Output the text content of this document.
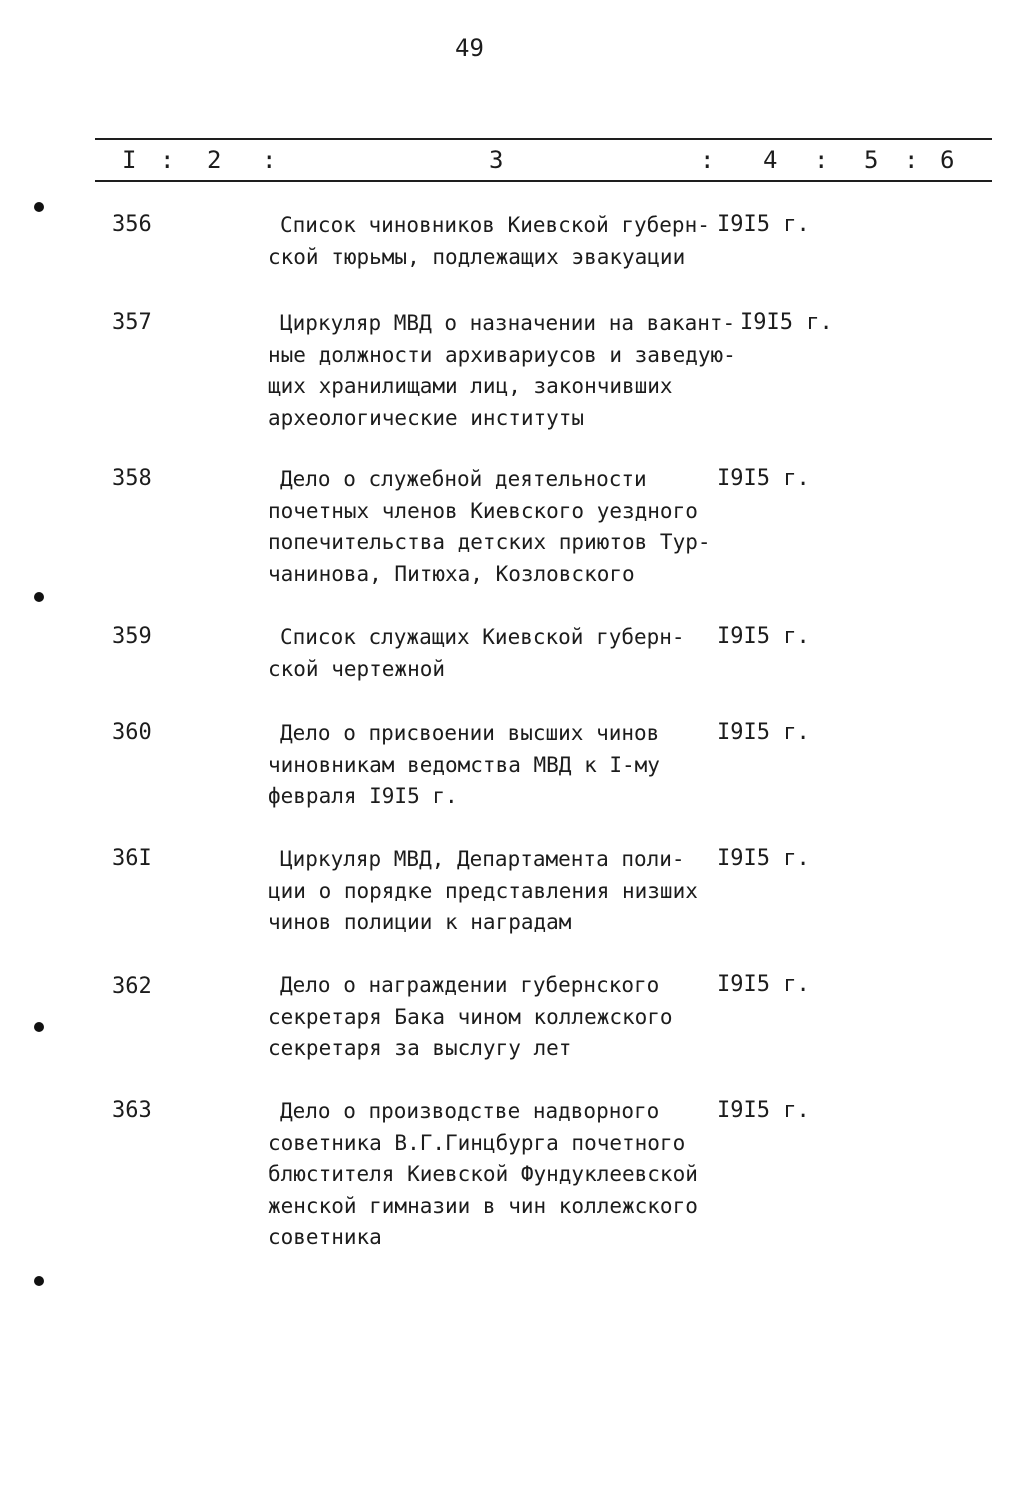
49
I : 2 :	3	: 4 : 5 : 6
356	Список чиновников Киевской губерн-
ской тюрьмы, подлежащих эвакуации
I9I5 г.
357	Циркуляр МВД о назначении на вакант-
ные должности архивариусов и заведую-
щих хранилищами лиц, закончивших
археологические институты
I9I5 г.
358	Дело о служебной деятельности
почетных членов Киевского уездного
попечительства детских приютов Тур-
чанинова, Питюха, Козловского
I9I5 г.
359	Список служащих Киевской губерн-
ской чертежной
I9I5 г.
360	Дело о присвоении высших чинов
чиновникам ведомства МВД к I-му
февраля I9I5 г.
I9I5 г.
36I	Циркуляр МВД, Департамента поли-
ции о порядке представления низших
чинов полиции к наградам
I9I5 г.
362	Дело о награждении губернского
секретаря Бака чином коллежского
секретаря за выслугу лет
I9I5 г.
363	Дело о производстве надворного
советника В.Г.Гинцбурга почетного
блюстителя Киевской Фундуклеевской
женской гимназии в чин коллежского
советника
I9I5 г.
